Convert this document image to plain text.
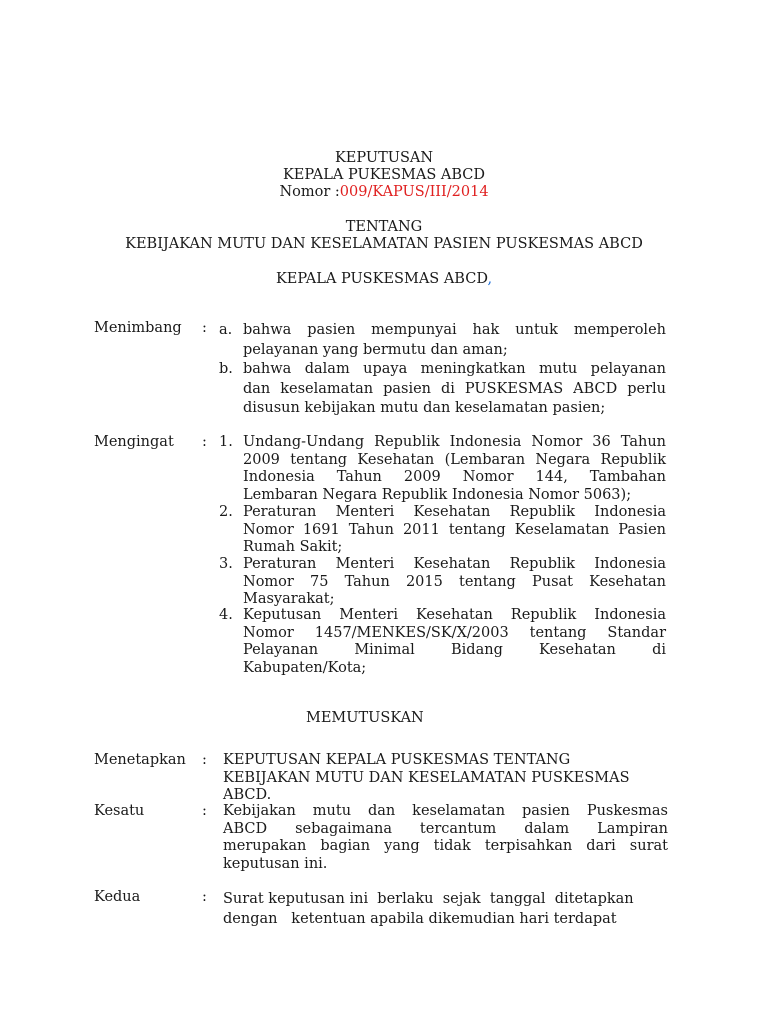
KEPUTUSAN
KEPALA PUKESMAS ABCD
Nomor :009/KAPUS/III/2014
TENTANG
KEBIJAKAN MUTU DAN KESELAMATAN PASIEN PUSKESMAS ABCD
KEPALA PUSKESMAS ABCD,
Menimbang : a. bahwa pasien mempunyai hak untuk memperoleh
pelayanan yang bermutu dan aman;
b. bahwa dalam upaya meningkatkan mutu pelayanan
dan keselamatan pasien di PUSKESMAS ABCD perlu
disusun kebijakan mutu dan keselamatan pasien;
Mengingat : 1. Undang-Undang Republik Indonesia Nomor 36 Tahun
2009 tentang Kesehatan (Lembaran Negara Republik
Indonesia Tahun 2009 Nomor 144, Tambahan
Lembaran Negara Republik Indonesia Nomor 5063);
2. Peraturan Menteri Kesehatan Republik Indonesia
Nomor 1691 Tahun 2011 tentang Keselamatan Pasien
Rumah Sakit;
3. Peraturan Menteri Kesehatan Republik Indonesia
Nomor 75 Tahun 2015 tentang Pusat Kesehatan
Masyarakat;
4. Keputusan Menteri Kesehatan Republik Indonesia
Nomor 1457/MENKES/SK/X/2003 tentang Standar
Pelayanan Minimal Bidang Kesehatan di
Kabupaten/Kota;
MEMUTUSKAN
Menetapkan : KEPUTUSAN KEPALA PUSKESMAS TENTANG
KEBIJAKAN MUTU DAN KESELAMATAN PUSKESMAS
ABCD.
Kesatu	: Kebijakan mutu dan keselamatan pasien Puskesmas
ABCD sebagaimana tercantum dalam Lampiran
merupakan bagian yang tidak terpisahkan dari surat
keputusan ini.
Kedua	: Surat keputusan ini  berlaku  sejak  tanggal  ditetapkan
dengan   ketentuan apabila dikemudian hari terdapat
